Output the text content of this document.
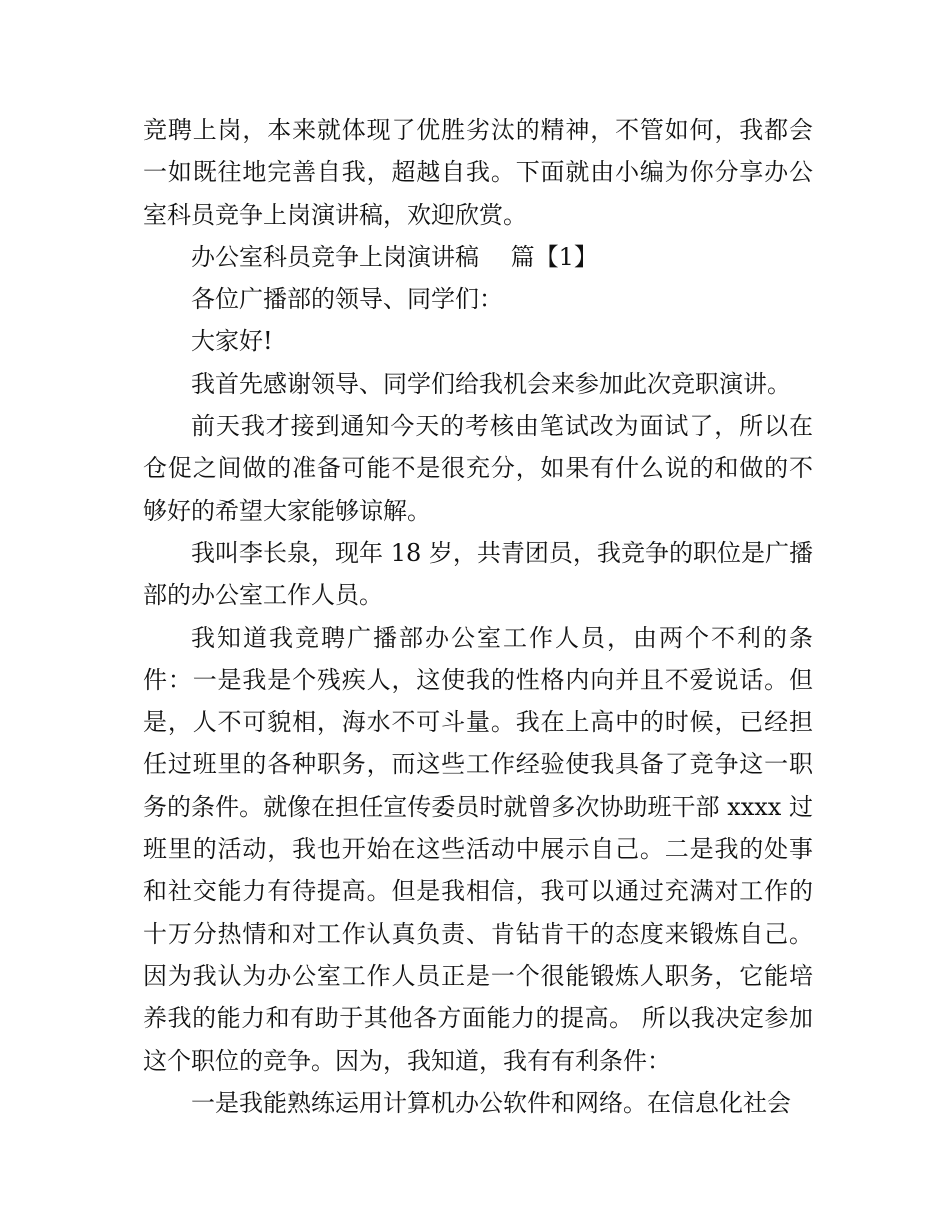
竞聘上岗，本来就体现了优胜劣汰的精神，不管如何，我都会一如既往地完善自我，超越自我。下面就由小编为你分享办公室科员竞争上岗演讲稿，欢迎欣赏。

办公室科员竞争上岗演讲稿　 篇【1】

各位广播部的领导、同学们：

大家好!

我首先感谢领导、同学们给我机会来参加此次竞职演讲。

前天我才接到通知今天的考核由笔试改为面试了，所以在仓促之间做的准备可能不是很充分，如果有什么说的和做的不够好的希望大家能够谅解。

我叫李长泉，现年 18 岁，共青团员，我竞争的职位是广播部的办公室工作人员。

我知道我竞聘广播部办公室工作人员，由两个不利的条件：一是我是个残疾人，这使我的性格内向并且不爱说话。但是，人不可貌相，海水不可斗量。我在上高中的时候，已经担任过班里的各种职务，而这些工作经验使我具备了竞争这一职务的条件。就像在担任宣传委员时就曾多次协助班干部 xxxx 过班里的活动，我也开始在这些活动中展示自己。二是我的处事和社交能力有待提高。但是我相信，我可以通过充满对工作的十万分热情和对工作认真负责、肯钻肯干的态度来锻炼自己。因为我认为办公室工作人员正是一个很能锻炼人职务，它能培养我的能力和有助于其他各方面能力的提高。 所以我决定参加这个职位的竞争。因为，我知道，我有有利条件：

一是我能熟练运用计算机办公软件和网络。在信息化社会
